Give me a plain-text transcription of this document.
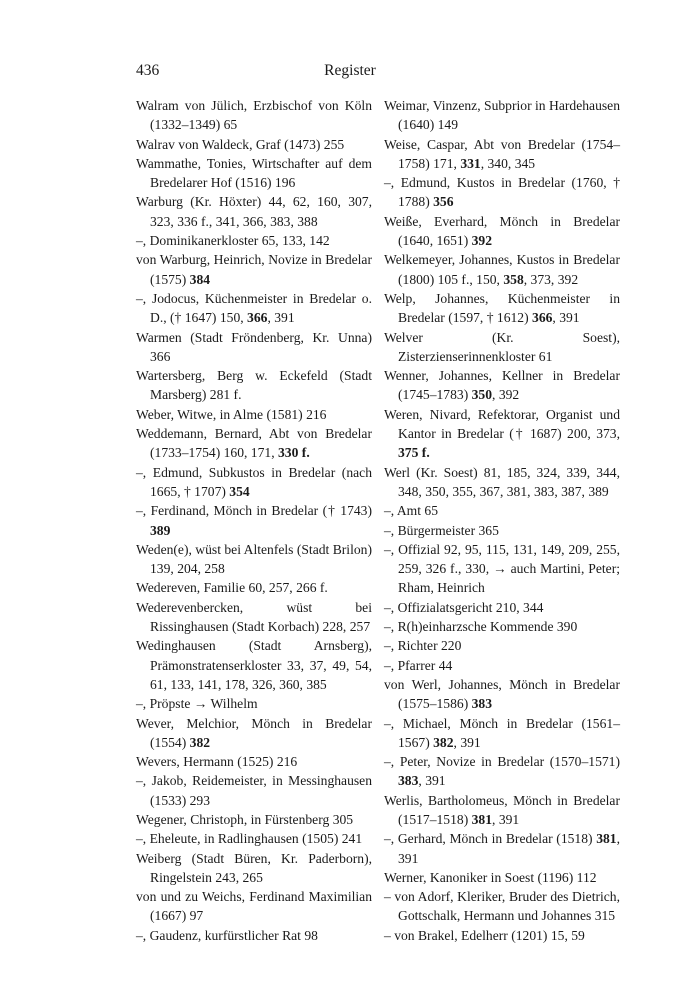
436	Register
Walram von Jülich, Erzbischof von Köln (1332–1349) 65
Walrav von Waldeck, Graf (1473) 255
Wammathe, Tonies, Wirtschafter auf dem Bredelarer Hof (1516) 196
Warburg (Kr. Höxter) 44, 62, 160, 307, 323, 336 f., 341, 366, 383, 388
–, Dominikanerkloster 65, 133, 142
von Warburg, Heinrich, Novize in Bredelar (1575) 384
–, Jodocus, Küchenmeister in Bredelar o. D., († 1647) 150, 366, 391
Warmen (Stadt Fröndenberg, Kr. Unna) 366
Wartersberg, Berg w. Eckefeld (Stadt Marsberg) 281 f.
Weber, Witwe, in Alme (1581) 216
Weddemann, Bernard, Abt von Bredelar (1733–1754) 160, 171, 330 f.
–, Edmund, Subkustos in Bredelar (nach 1665, † 1707) 354
–, Ferdinand, Mönch in Bredelar († 1743) 389
Weden(e), wüst bei Altenfels (Stadt Brilon) 139, 204, 258
Wedereven, Familie 60, 257, 266 f.
Wederevenbercken, wüst bei Rissinghausen (Stadt Korbach) 228, 257
Wedinghausen (Stadt Arnsberg), Prämonstratenserkloster 33, 37, 49, 54, 61, 133, 141, 178, 326, 360, 385
–, Pröpste → Wilhelm
Wever, Melchior, Mönch in Bredelar (1554) 382
Wevers, Hermann (1525) 216
–, Jakob, Reidemeister, in Messinghausen (1533) 293
Wegener, Christoph, in Fürstenberg 305
–, Eheleute, in Radlinghausen (1505) 241
Weiberg (Stadt Büren, Kr. Paderborn), Ringelstein 243, 265
von und zu Weichs, Ferdinand Maximilian (1667) 97
–, Gaudenz, kurfürstlicher Rat 98
Weimar, Vinzenz, Subprior in Hardehausen (1640) 149
Weise, Caspar, Abt von Bredelar (1754–1758) 171, 331, 340, 345
–, Edmund, Kustos in Bredelar (1760, † 1788) 356
Weiße, Everhard, Mönch in Bredelar (1640, 1651) 392
Welkemeyer, Johannes, Kustos in Bredelar (1800) 105 f., 150, 358, 373, 392
Welp, Johannes, Küchenmeister in Bredelar (1597, † 1612) 366, 391
Welver (Kr. Soest), Zisterzienserinnenkloster 61
Wenner, Johannes, Kellner in Bredelar (1745–1783) 350, 392
Weren, Nivard, Refektorar, Organist und Kantor in Bredelar († 1687) 200, 373, 375 f.
Werl (Kr. Soest) 81, 185, 324, 339, 344, 348, 350, 355, 367, 381, 383, 387, 389
–, Amt 65
–, Bürgermeister 365
–, Offizial 92, 95, 115, 131, 149, 209, 255, 259, 326 f., 330, → auch Martini, Peter; Rham, Heinrich
–, Offizialatsgericht 210, 344
–, R(h)einharzsche Kommende 390
–, Richter 220
–, Pfarrer 44
von Werl, Johannes, Mönch in Bredelar (1575–1586) 383
–, Michael, Mönch in Bredelar (1561–1567) 382, 391
–, Peter, Novize in Bredelar (1570–1571) 383, 391
Werlis, Bartholomeus, Mönch in Bredelar (1517–1518) 381, 391
–, Gerhard, Mönch in Bredelar (1518) 381, 391
Werner, Kanoniker in Soest (1196) 112
– von Adorf, Kleriker, Bruder des Dietrich, Gottschalk, Hermann und Johannes 315
– von Brakel, Edelherr (1201) 15, 59
